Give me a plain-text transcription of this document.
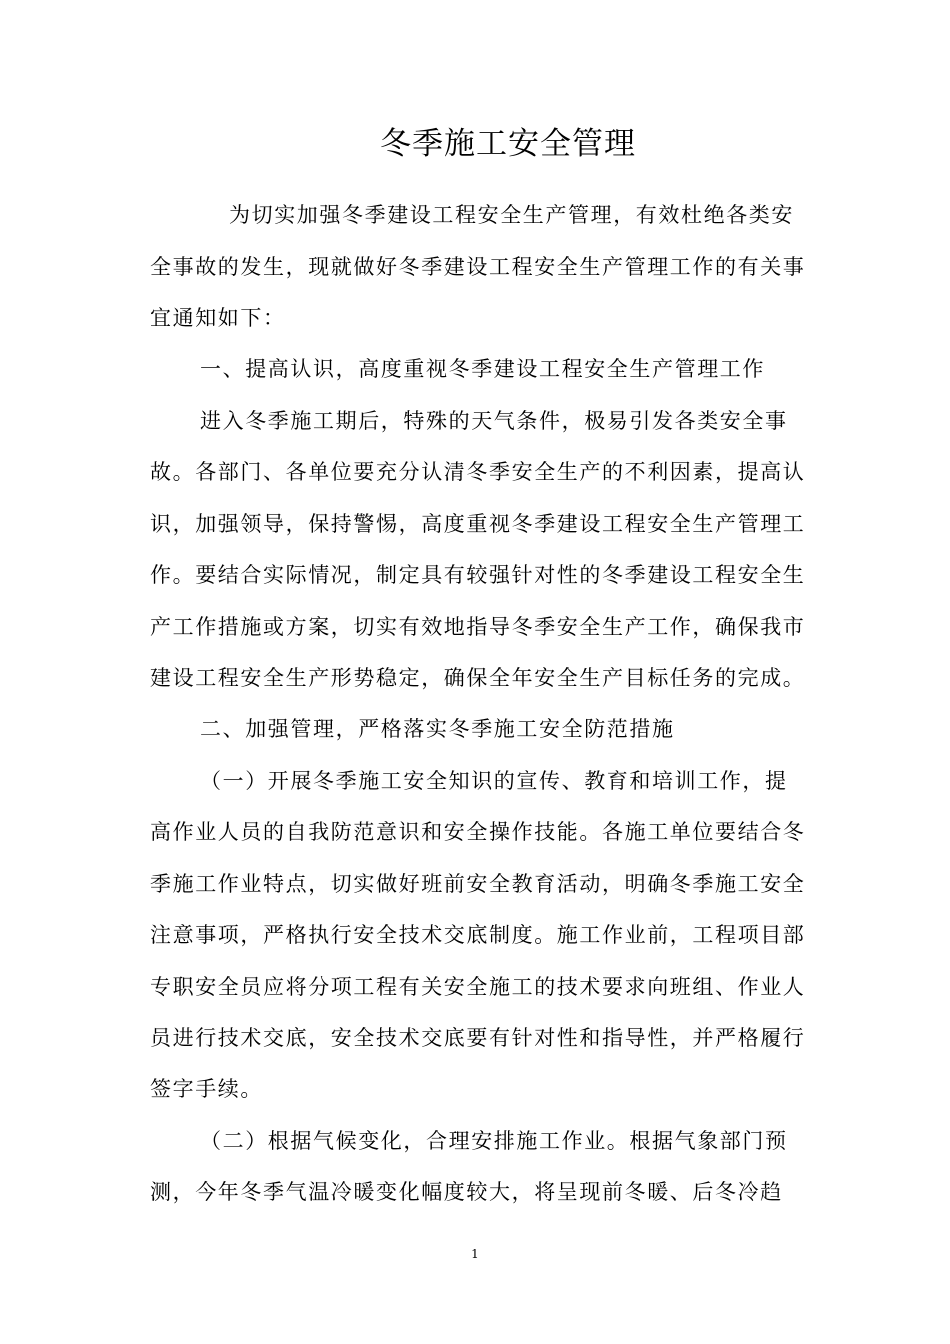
冬季施工安全管理
为切实加强冬季建设工程安全生产管理，有效杜绝各类安
全事故的发生，现就做好冬季建设工程安全生产管理工作的有关事
宜通知如下：
一、提高认识，高度重视冬季建设工程安全生产管理工作
进入冬季施工期后，特殊的天气条件，极易引发各类安全事
故。各部门、各单位要充分认清冬季安全生产的不利因素，提高认
识，加强领导，保持警惕，高度重视冬季建设工程安全生产管理工
作。要结合实际情况，制定具有较强针对性的冬季建设工程安全生
产工作措施或方案，切实有效地指导冬季安全生产工作，确保我市
建设工程安全生产形势稳定，确保全年安全生产目标任务的完成。
二、加强管理，严格落实冬季施工安全防范措施
（一）开展冬季施工安全知识的宣传、教育和培训工作，提
高作业人员的自我防范意识和安全操作技能。各施工单位要结合冬
季施工作业特点，切实做好班前安全教育活动，明确冬季施工安全
注意事项，严格执行安全技术交底制度。施工作业前，工程项目部
专职安全员应将分项工程有关安全施工的技术要求向班组、作业人
员进行技术交底，安全技术交底要有针对性和指导性，并严格履行
签字手续。
（二）根据气候变化，合理安排施工作业。根据气象部门预
测，今年冬季气温冷暖变化幅度较大，将呈现前冬暖、后冬冷趋
1
